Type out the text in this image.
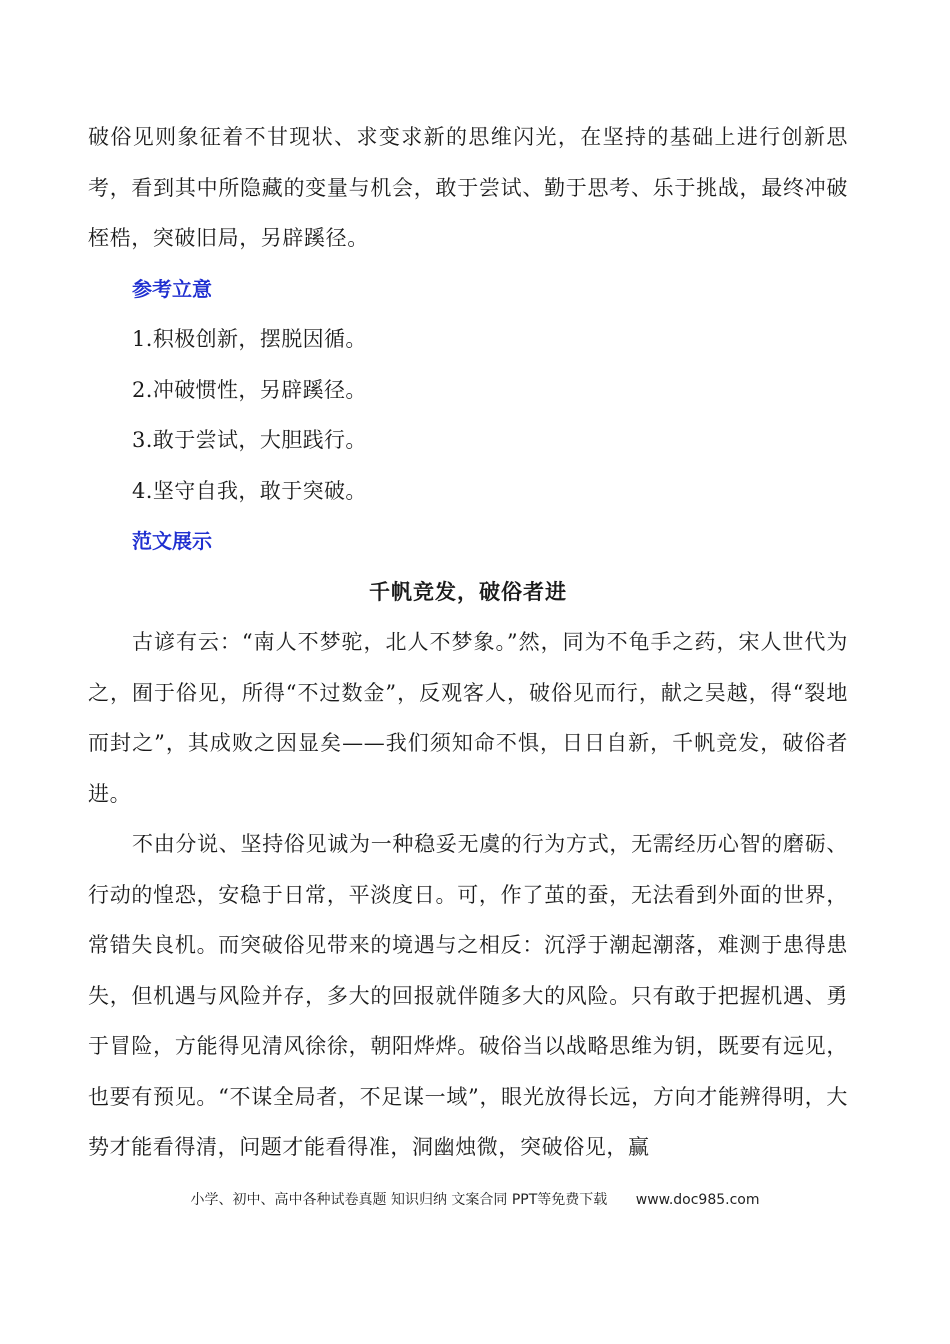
破俗见则象征着不甘现状、求变求新的思维闪光，在坚持的基础上进行创新思考，看到其中所隐藏的变量与机会，敢于尝试、勤于思考、乐于挑战，最终冲破桎梏，突破旧局，另辟蹊径。

参考立意

1.积极创新，摆脱因循。

2.冲破惯性，另辟蹊径。

3.敢于尝试，大胆践行。

4.坚守自我，敢于突破。

范文展示

千帆竞发，破俗者进

古谚有云：“南人不梦驼，北人不梦象。”然，同为不龟手之药，宋人世代为之，囿于俗见，所得“不过数金”，反观客人，破俗见而行，献之吴越，得“裂地而封之”，其成败之因显矣——我们须知命不惧，日日自新，千帆竞发，破俗者进。

不由分说、坚持俗见诚为一种稳妥无虞的行为方式，无需经历心智的磨砺、行动的惶恐，安稳于日常，平淡度日。可，作了茧的蚕，无法看到外面的世界，常错失良机。而突破俗见带来的境遇与之相反：沉浮于潮起潮落，难测于患得患失，但机遇与风险并存，多大的回报就伴随多大的风险。只有敢于把握机遇、勇于冒险，方能得见清风徐徐，朝阳烨烨。破俗当以战略思维为钥，既要有远见，也要有预见。“不谋全局者，不足谋一域”，眼光放得长远，方向才能辨得明，大势才能看得清，问题才能看得准，洞幽烛微，突破俗见，赢

小学、初中、高中各种试卷真题 知识归纳 文案合同 PPT等免费下载 www.doc985.com
